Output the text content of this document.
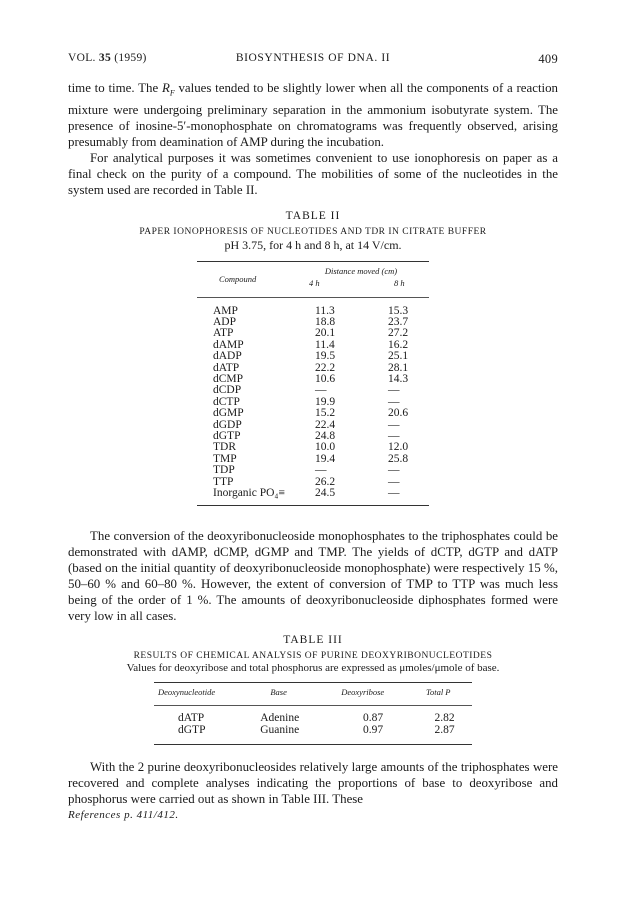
VOL. 35 (1959)	BIOSYNTHESIS OF DNA. II	409

time to time. The $R_F$ values tended to be slightly lower when all the components of a reaction mixture were undergoing preliminary separation in the ammonium isobutyrate system. The presence of inosine-5′-monophosphate on chromatograms was frequently observed, arising presumably from deamination of AMP during the incubation.

For analytical purposes it was sometimes convenient to use ionophoresis on paper as a final check on the purity of a compound. The mobilities of some of the nucleotides in the system used are recorded in Table II.

TABLE II
PAPER IONOPHORESIS OF NUCLEOTIDES AND TDR IN CITRATE BUFFER
pH 3.75, for 4 h and 8 h, at 14 V/cm.
Compound	Distance moved (cm)	
	4 h	8 h

AMP	11.3	15.3
ADP	18.8	23.7
ATP	20.1	27.2
dAMP	11.4	16.2
dADP	19.5	25.1
dATP	22.2	28.1
dCMP	10.6	14.3
dCDP	—	—
dCTP	19.9	—
dGMP	15.2	20.6
dGDP	22.4	—
dGTP	24.8	—
TDR	10.0	12.0
TMP	19.4	25.8
TDP	—	—
TTP	26.2	—
Inorganic PO₄≡	24.5	—

The conversion of the deoxyribonucleoside monophosphates to the triphosphates could be demonstrated with dAMP, dCMP, dGMP and TMP. The yields of dCTP, dGTP and dATP (based on the initial quantity of deoxyribonucleoside monophosphate) were respectively 15 %, 50–60 % and 60–80 %. However, the extent of conversion of TMP to TTP was much less being of the order of 1 %. The amounts of deoxyribonucleoside diphosphates formed were very low in all cases.

TABLE III
RESULTS OF CHEMICAL ANALYSIS OF PURINE DEOXYRIBONUCLEOTIDES
Values for deoxyribose and total phosphorus are expressed as μmoles/μmole of base.
Deoxynucleotide	Base	Deoxyribose	Total P

dATP	Adenine	0.87	2.82
dGTP	Guanine	0.97	2.87

With the 2 purine deoxyribonucleosides relatively large amounts of the triphosphates were recovered and complete analyses indicating the proportions of base to deoxyribose and phosphorus were carried out as shown in Table III. These

References p. 411/412.
